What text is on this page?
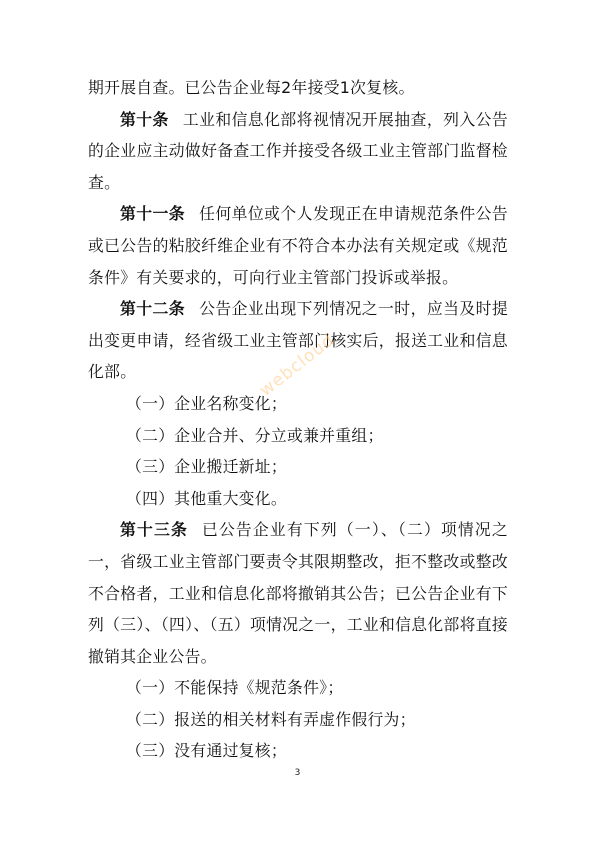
期开展自查。已公告企业每2年接受1次复核。

第十条 工业和信息化部将视情况开展抽查，列入公告的企业应主动做好备查工作并接受各级工业主管部门监督检查。

第十一条 任何单位或个人发现正在申请规范条件公告或已公告的粘胶纤维企业有不符合本办法有关规定或《规范条件》有关要求的，可向行业主管部门投诉或举报。

第十二条 公告企业出现下列情况之一时，应当及时提出变更申请，经省级工业主管部门核实后，报送工业和信息化部。

（一）企业名称变化；

（二）企业合并、分立或兼并重组；

（三）企业搬迁新址；

（四）其他重大变化。

第十三条 已公告企业有下列（一）、（二）项情况之一，省级工业主管部门要责令其限期整改，拒不整改或整改不合格者，工业和信息化部将撤销其公告；已公告企业有下列（三）、（四）、（五）项情况之一，工业和信息化部将直接撤销其企业公告。

（一）不能保持《规范条件》；

（二）报送的相关材料有弄虚作假行为；

（三）没有通过复核；

webcloud
3
